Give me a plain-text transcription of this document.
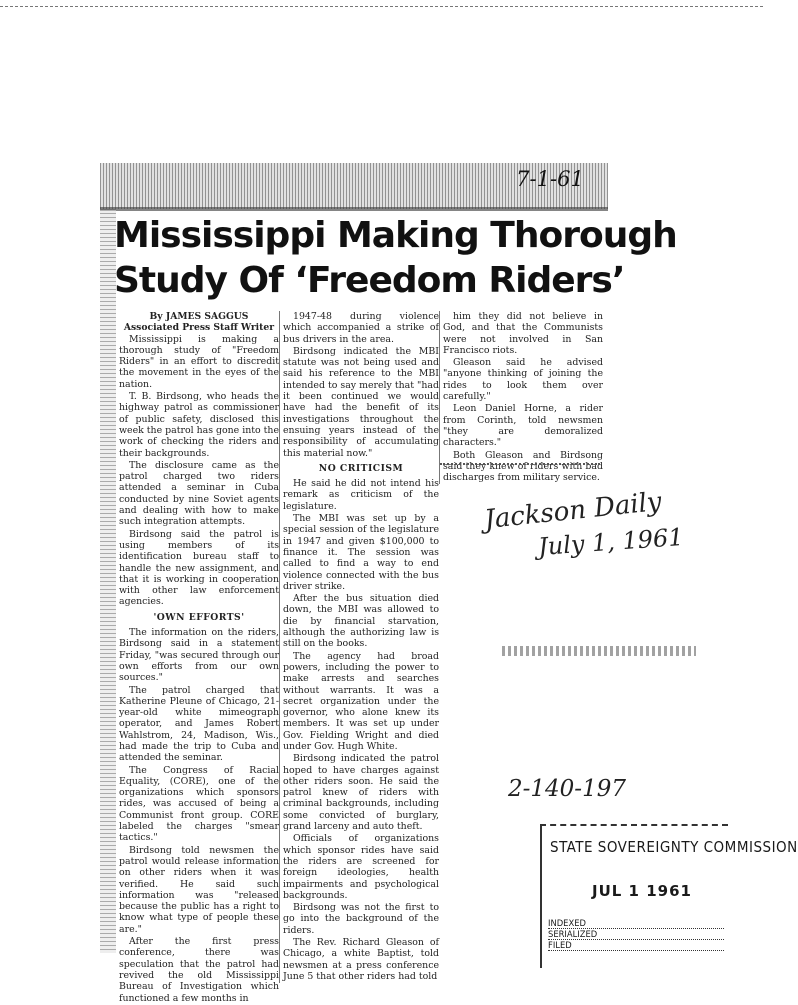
7-1-61
Mississippi Making Thorough
Study Of ‘Freedom Riders’
By JAMES SAGGUS
Associated Press Staff Writer

Mississippi is making a thorough study of "Freedom Riders" in an effort to discredit the movement in the eyes of the nation.

T. B. Birdsong, who heads the highway patrol as commissioner of public safety, disclosed this week the patrol has gone into the work of checking the riders and their backgrounds.

The disclosure came as the patrol charged two riders attended a seminar in Cuba conducted by nine Soviet agents and dealing with how to make such integration attempts.

Birdsong said the patrol is using members of its identification bureau staff to handle the new assignment, and that it is working in cooperation with other law enforcement agencies.

'OWN EFFORTS'

The information on the riders, Birdsong said in a statement Friday, "was secured through our own efforts from our own sources."

The patrol charged that Katherine Pleune of Chicago, 21-year-old white mimeograph operator, and James Robert Wahlstrom, 24, Madison, Wis., had made the trip to Cuba and attended the seminar.

The Congress of Racial Equality, (CORE), one of the organizations which sponsors rides, was accused of being a Communist front group. CORE labeled the charges "smear tactics."

Birdsong told newsmen the patrol would release information on other riders when it was verified. He said such information was "released because the public has a right to know what type of people these are."

After the first press conference, there was speculation that the patrol had revived the old Mississippi Bureau of Investigation which functioned a few months in

1947-48 during violence which accompanied a strike of bus drivers in the area.

Birdsong indicated the MBI statute was not being used and said his reference to the MBI intended to say merely that "had it been continued we would have had the benefit of its investigations throughout the ensuing years instead of the responsibility of accumulating this material now."

NO CRITICISM

He said he did not intend his remark as criticism of the legislature.

The MBI was set up by a special session of the legislature in 1947 and given $100,000 to finance it. The session was called to find a way to end violence connected with the bus driver strike.

After the bus situation died down, the MBI was allowed to die by financial starvation, although the authorizing law is still on the books.

The agency had broad powers, including the power to make arrests and searches without warrants. It was a secret organization under the governor, who alone knew its members. It was set up under Gov. Fielding Wright and died under Gov. Hugh White.

Birdsong indicated the patrol hoped to have charges against other riders soon. He said the patrol knew of riders with criminal backgrounds, including some convicted of burglary, grand larceny and auto theft.

Officials of organizations which sponsor rides have said the riders are screened for foreign ideologies, health impairments and psychological backgrounds.

Birdsong was not the first to go into the background of the riders.

The Rev. Richard Gleason of Chicago, a white Baptist, told newsmen at a press conference June 5 that other riders had told

him they did not believe in God, and that the Communists were not involved in San Francisco riots.

Gleason said he advised "anyone thinking of joining the rides to look them over carefully."

Leon Daniel Horne, a rider from Corinth, told newsmen "they are demoralized characters."

Both Gleason and Birdsong said they knew of riders with bad discharges from military service.

Jackson Daily
July 1, 1961
2-140-197
STATE SOVEREIGNTY COMMISSION
JUL 1 1961
INDEXED
SERIALIZED
FILED
